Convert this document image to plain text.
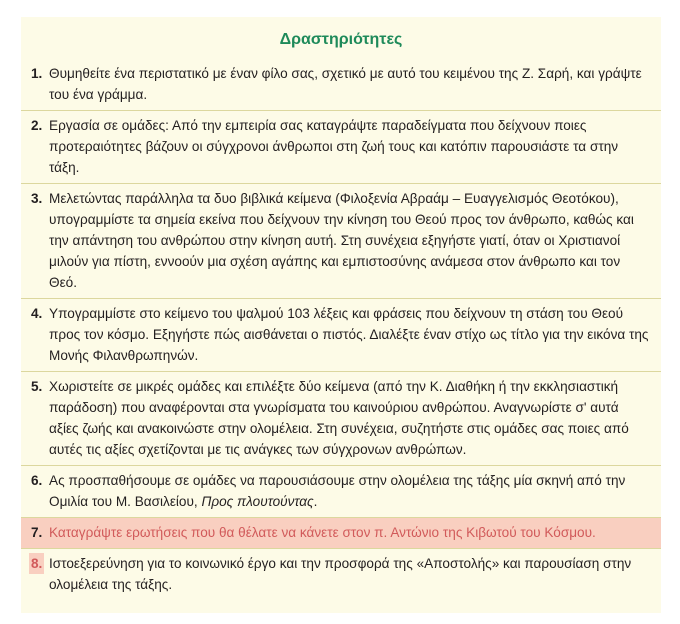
Δραστηριότητες
1. Θυμηθείτε ένα περιστατικό με έναν φίλο σας, σχετικό με αυτό του κειμένου της Ζ. Σαρή, και γράψτε του ένα γράμμα.
2. Εργασία σε ομάδες: Από την εμπειρία σας καταγράψτε παραδείγματα που δείχνουν ποιες προτεραιότητες βάζουν οι σύγχρονοι άνθρωποι στη ζωή τους και κατόπιν παρουσιάστε τα στην τάξη.
3. Μελετώντας παράλληλα τα δυο βιβλικά κείμενα (Φιλοξενία Αβραάμ – Ευαγγελισμός Θεοτόκου), υπογραμμίστε τα σημεία εκείνα που δείχνουν την κίνηση του Θεού προς τον άνθρωπο, καθώς και την απάντηση του ανθρώπου στην κίνηση αυτή. Στη συνέχεια εξηγήστε γιατί, όταν οι Χριστιανοί μιλούν για πίστη, εννοούν μια σχέση αγάπης και εμπιστοσύνης ανάμεσα στον άνθρωπο και τον Θεό.
4. Υπογραμμίστε στο κείμενο του ψαλμού 103 λέξεις και φράσεις που δείχνουν τη στάση του Θεού προς τον κόσμο. Εξηγήστε πώς αισθάνεται ο πιστός. Διαλέξτε έναν στίχο ως τίτλο για την εικόνα της Μονής Φιλανθρωπηνών.
5. Χωριστείτε σε μικρές ομάδες και επιλέξτε δύο κείμενα (από την Κ. Διαθήκη ή την εκκλησιαστική παράδοση) που αναφέρονται στα γνωρίσματα του καινούριου ανθρώπου. Αναγνωρίστε σ' αυτά αξίες ζωής και ανακοινώστε στην ολομέλεια. Στη συνέχεια, συζητήστε στις ομάδες σας ποιες από αυτές τις αξίες σχετίζονται με τις ανάγκες των σύγχρονων ανθρώπων.
6. Ας προσπαθήσουμε σε ομάδες να παρουσιάσουμε στην ολομέλεια της τάξης μία σκηνή από την Ομιλία του Μ. Βασιλείου, Προς πλουτούντας.
7. Καταγράψτε ερωτήσεις που θα θέλατε να κάνετε στον π. Αντώνιο της Κιβωτού του Κόσμου.
8. Ιστοεξερεύνηση για το κοινωνικό έργο και την προσφορά της «Αποστολής» και παρουσίαση στην ολομέλεια της τάξης.
